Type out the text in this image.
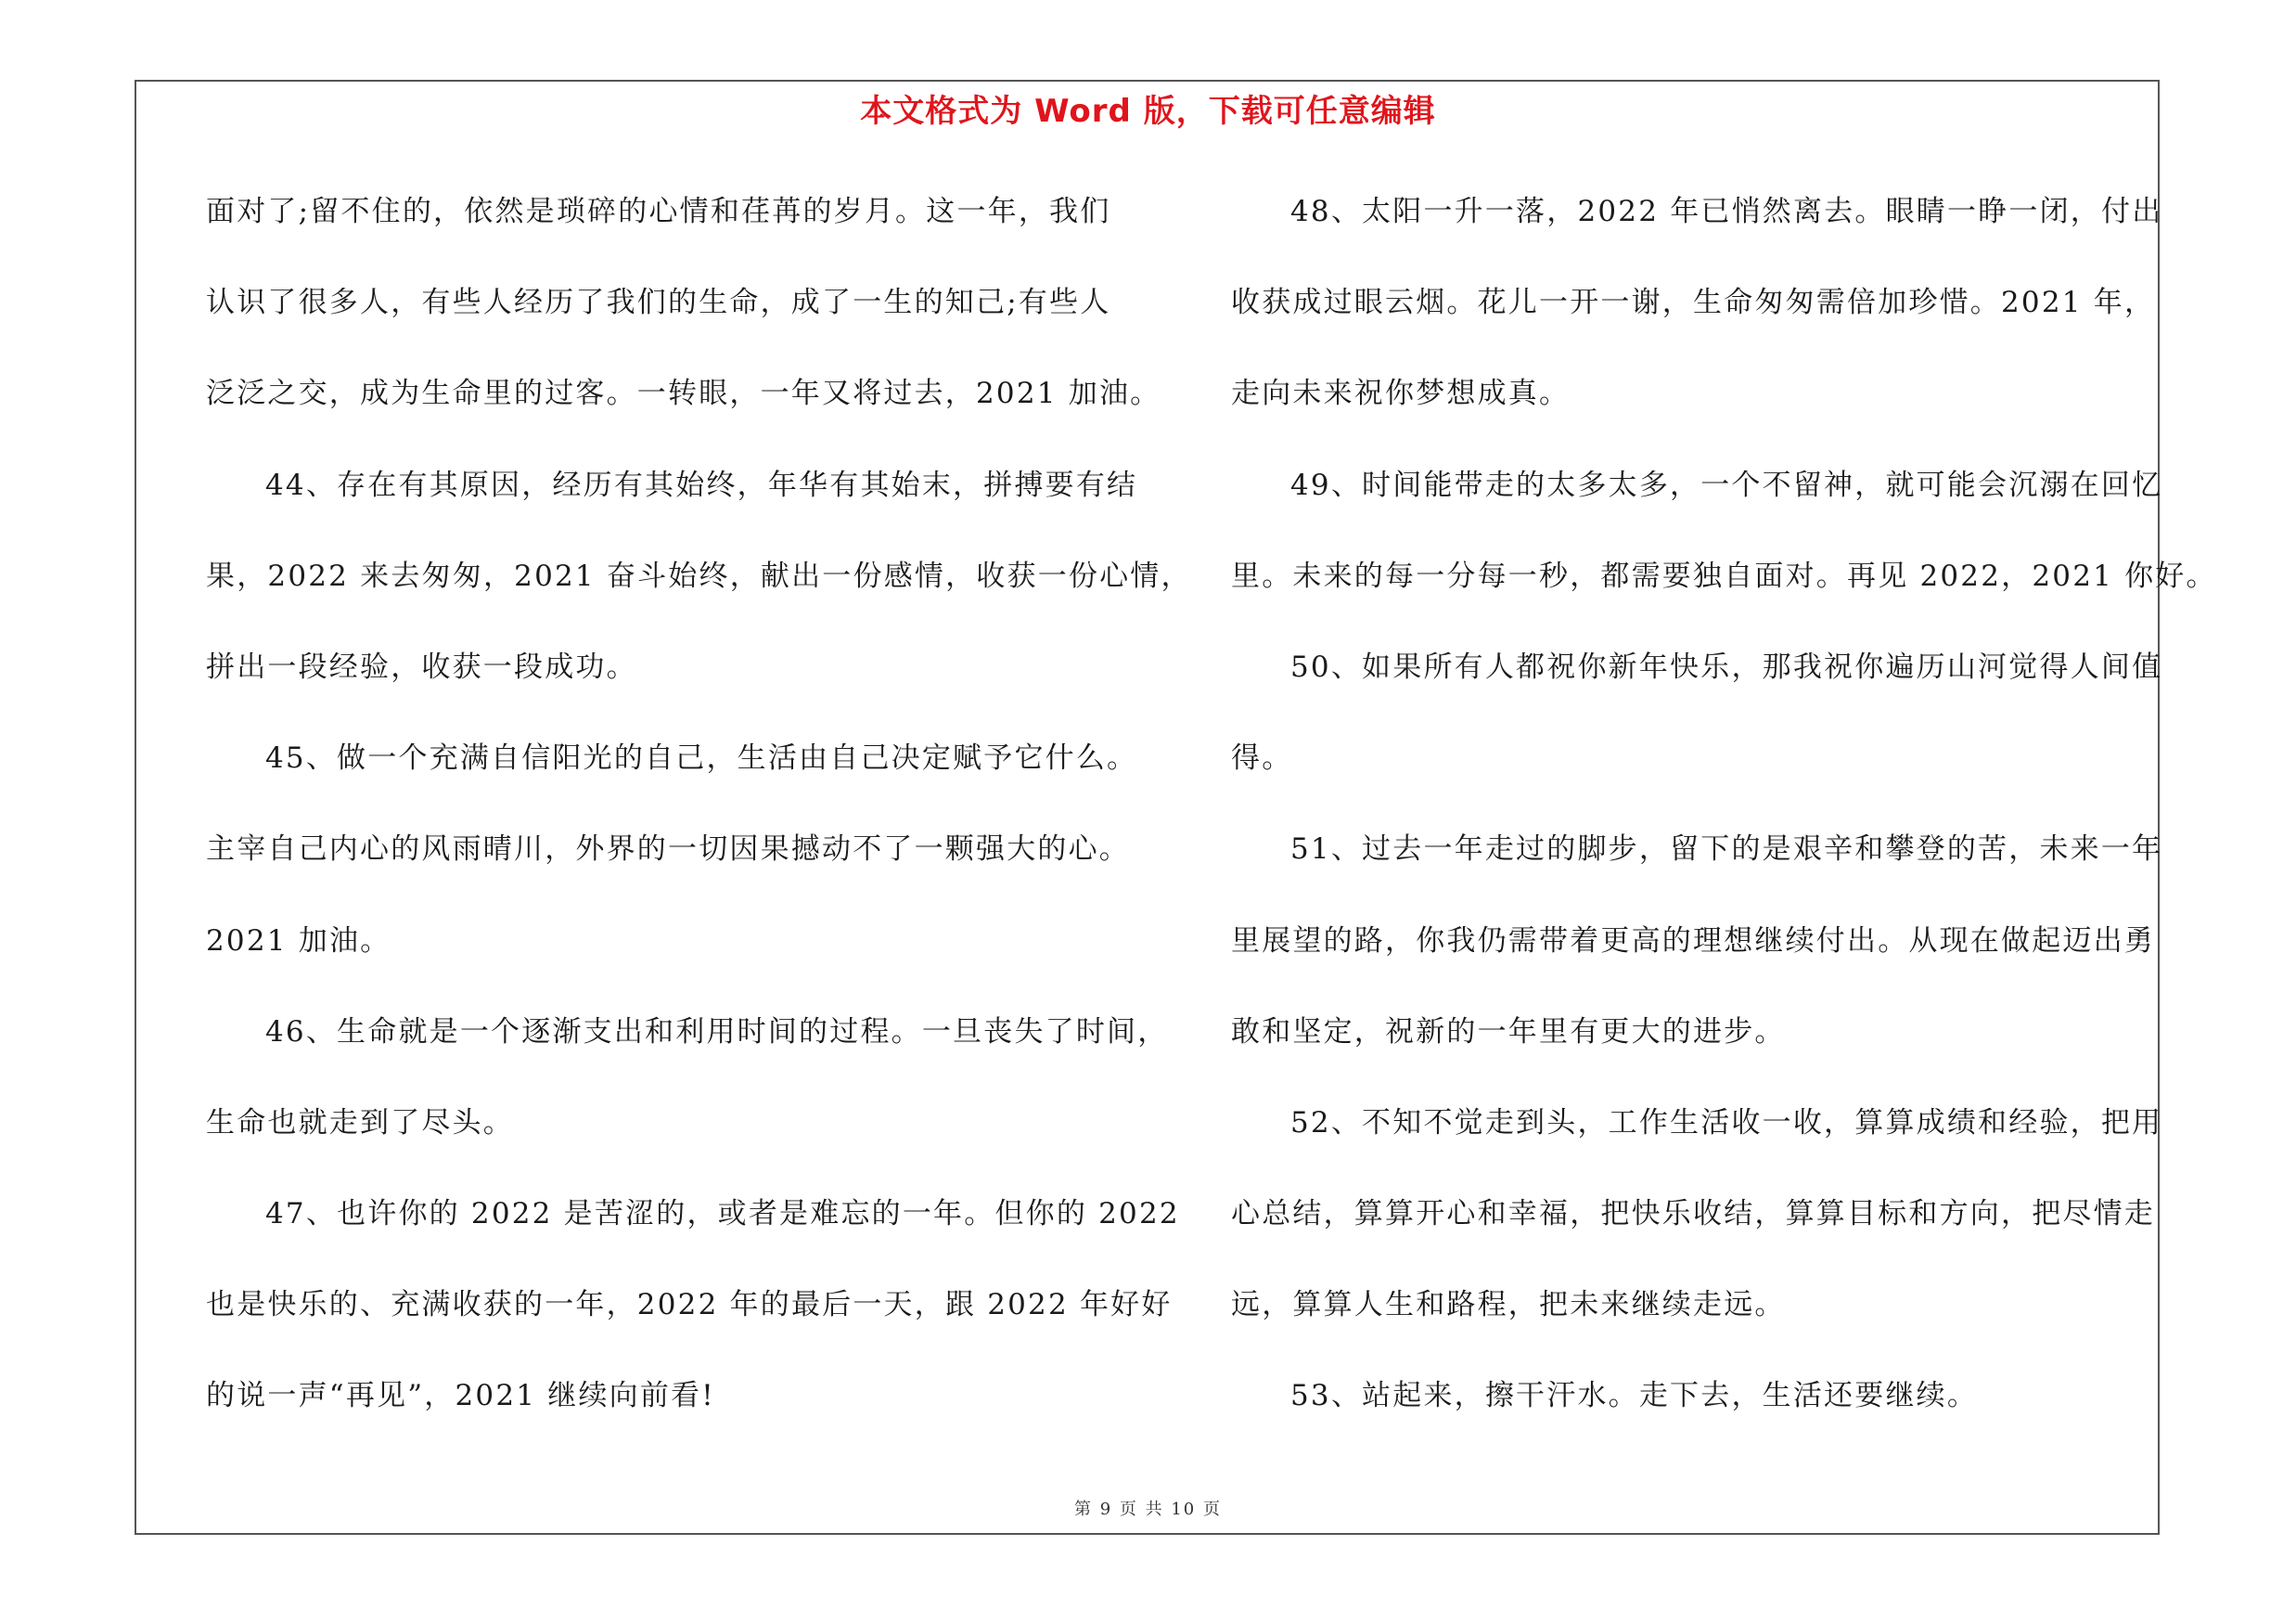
本文格式为 Word 版，下载可任意编辑
面对了;留不住的，依然是琐碎的心情和荏苒的岁月。这一年，我们
认识了很多人，有些人经历了我们的生命，成了一生的知己;有些人
泛泛之交，成为生命里的过客。一转眼，一年又将过去，2021 加油。
44、存在有其原因，经历有其始终，年华有其始末，拼搏要有结
果，2022 来去匆匆，2021 奋斗始终，献出一份感情，收获一份心情，
拼出一段经验，收获一段成功。
45、做一个充满自信阳光的自己，生活由自己决定赋予它什么。
主宰自己内心的风雨晴川，外界的一切因果撼动不了一颗强大的心。
2021 加油。
46、生命就是一个逐渐支出和利用时间的过程。一旦丧失了时间，
生命也就走到了尽头。
47、也许你的 2022 是苦涩的，或者是难忘的一年。但你的 2022
也是快乐的、充满收获的一年，2022 年的最后一天，跟 2022 年好好
的说一声“再见”，2021 继续向前看!
48、太阳一升一落，2022 年已悄然离去。眼睛一睁一闭，付出
收获成过眼云烟。花儿一开一谢，生命匆匆需倍加珍惜。2021 年，
走向未来祝你梦想成真。
49、时间能带走的太多太多，一个不留神，就可能会沉溺在回忆
里。未来的每一分每一秒，都需要独自面对。再见 2022，2021 你好。
50、如果所有人都祝你新年快乐，那我祝你遍历山河觉得人间值
得。
51、过去一年走过的脚步，留下的是艰辛和攀登的苦，未来一年
里展望的路，你我仍需带着更高的理想继续付出。从现在做起迈出勇
敢和坚定，祝新的一年里有更大的进步。
52、不知不觉走到头，工作生活收一收，算算成绩和经验，把用
心总结，算算开心和幸福，把快乐收结，算算目标和方向，把尽情走
远，算算人生和路程，把未来继续走远。
53、站起来，擦干汗水。走下去，生活还要继续。
第 9 页 共 10 页
